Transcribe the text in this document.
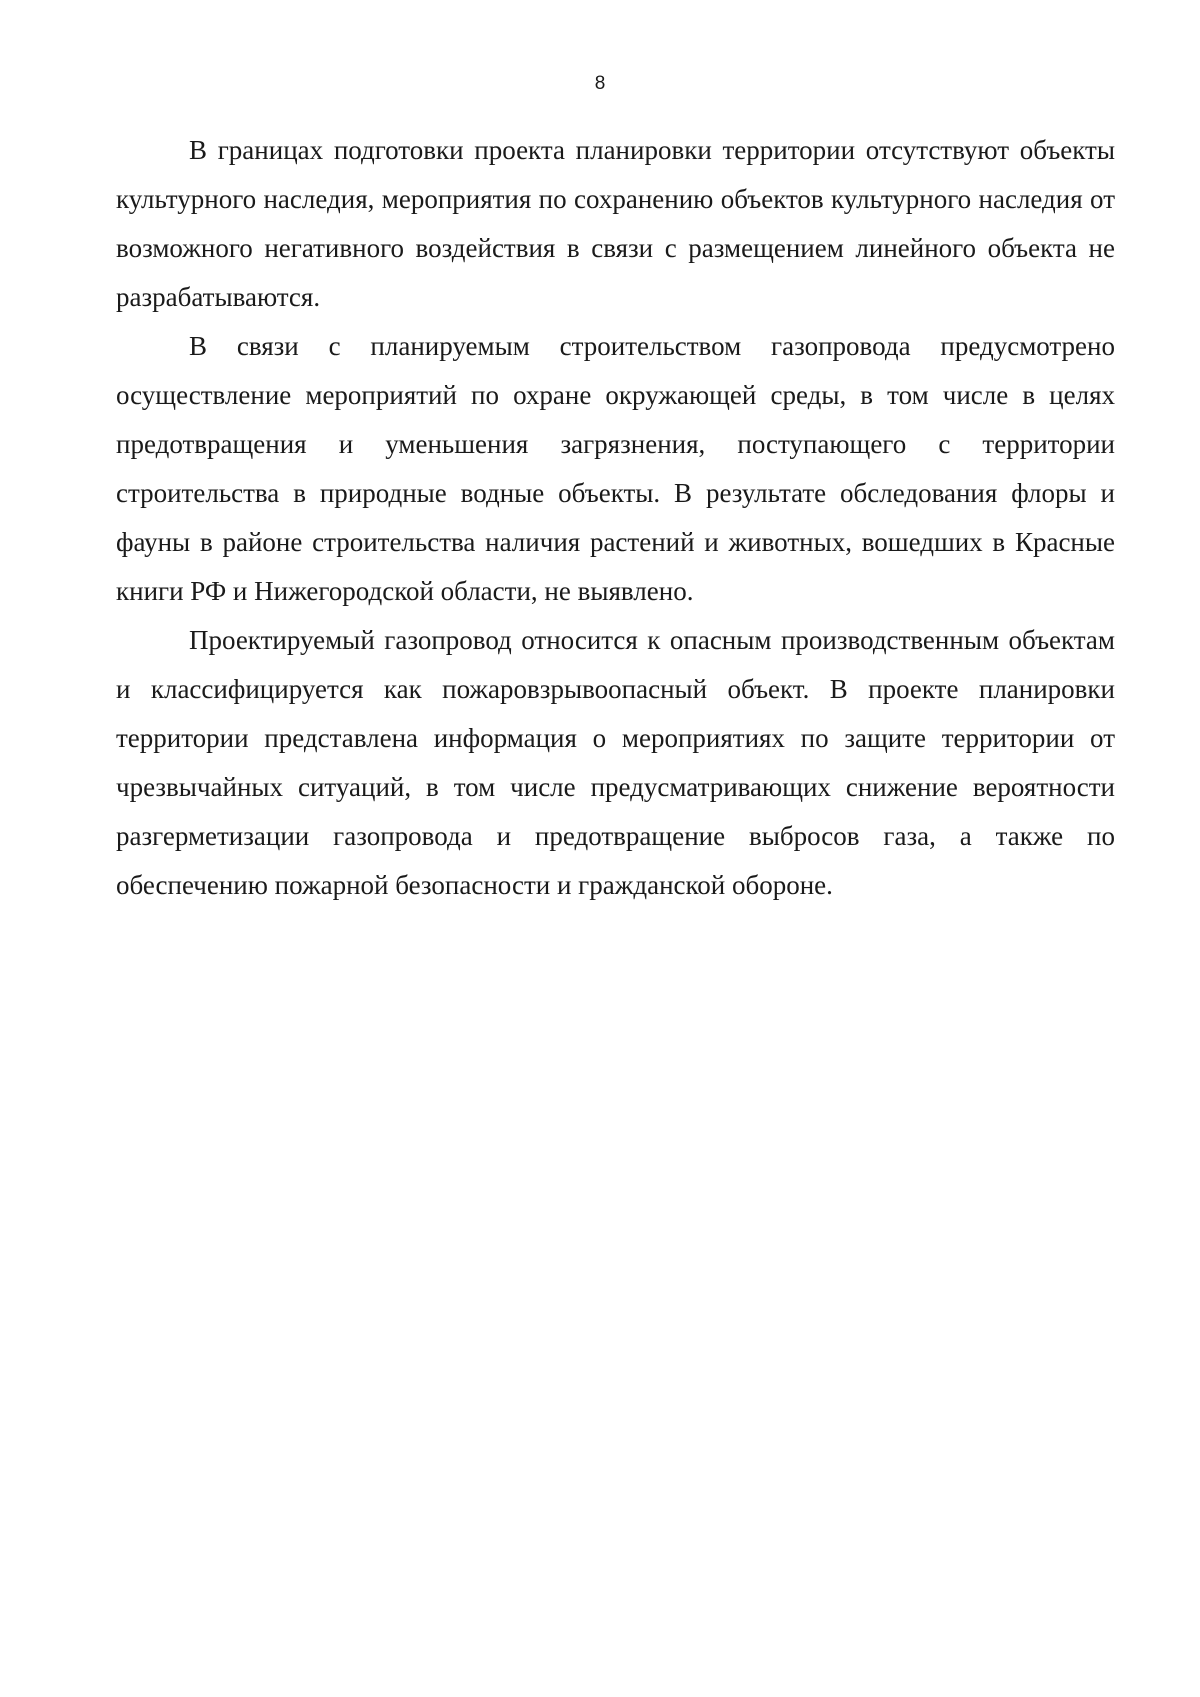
8

В границах подготовки проекта планировки территории отсутствуют объекты культурного наследия, мероприятия по сохранению объектов культурного наследия от возможного негативного воздействия в связи с размещением линейного объекта не разрабатываются.

В связи с планируемым строительством газопровода предусмотрено осуществление мероприятий по охране окружающей среды, в том числе в целях предотвращения и уменьшения загрязнения, поступающего с территории строительства в природные водные объекты. В результате обследования флоры и фауны в районе строительства наличия растений и животных, вошедших в Красные книги РФ и Нижегородской области, не выявлено.

Проектируемый газопровод относится к опасным производственным объектам и классифицируется как пожаровзрывоопасный объект. В проекте планировки территории представлена информация о мероприятиях по защите территории от чрезвычайных ситуаций, в том числе предусматривающих снижение вероятности разгерметизации газопровода и предотвращение выбросов газа, а также по обеспечению пожарной безопасности и гражданской обороне.
